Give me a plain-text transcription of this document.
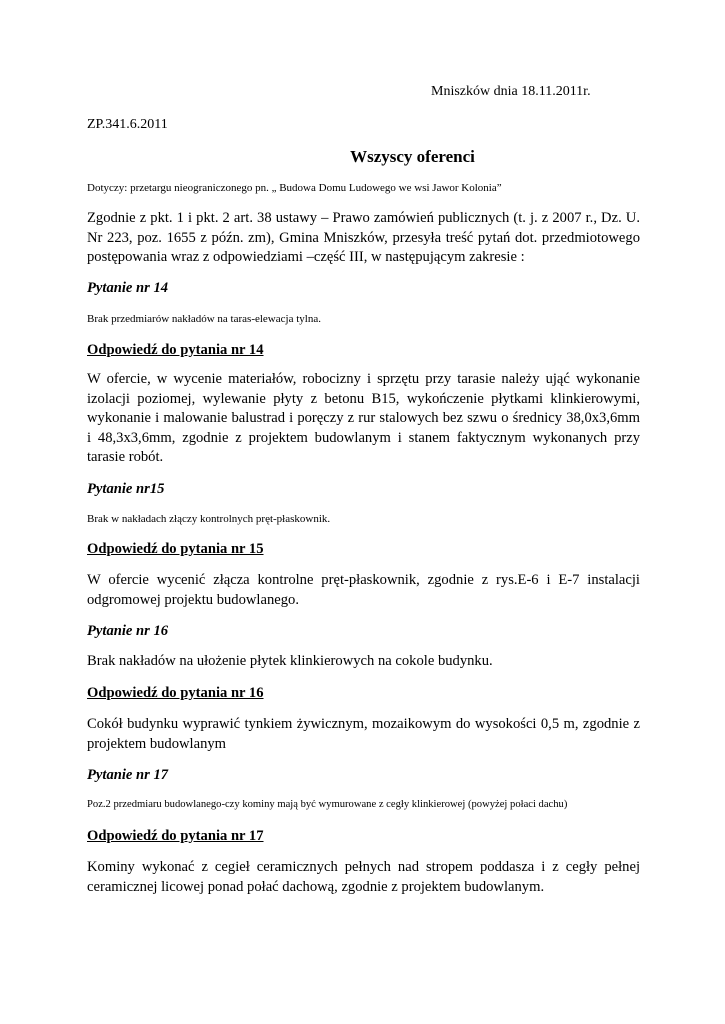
Mniszków dnia 18.11.2011r.

ZP.341.6.2011

Wszyscy oferenci

Dotyczy: przetargu nieograniczonego pn. „ Budowa Domu Ludowego we wsi Jawor Kolonia”

Zgodnie z pkt. 1 i pkt. 2 art. 38 ustawy – Prawo zamówień publicznych (t. j. z 2007 r., Dz. U. Nr 223, poz. 1655 z późn. zm), Gmina Mniszków, przesyła treść pytań dot. przedmiotowego postępowania wraz z odpowiedziami –część III, w następującym zakresie :

Pytanie nr 14

Brak przedmiarów nakładów na taras-elewacja tylna.

Odpowiedź do pytania nr 14

W ofercie, w wycenie materiałów, robocizny i sprzętu przy tarasie należy ująć wykonanie izolacji poziomej, wylewanie płyty z betonu B15, wykończenie płytkami klinkierowymi, wykonanie i malowanie balustrad i poręczy z rur stalowych bez szwu o średnicy 38,0x3,6mm i 48,3x3,6mm, zgodnie z projektem budowlanym i stanem faktycznym wykonanych przy tarasie robót.

Pytanie nr15

Brak w nakładach złączy kontrolnych pręt-płaskownik.

Odpowiedź do pytania nr 15

W ofercie wycenić złącza kontrolne pręt-płaskownik, zgodnie z rys.E-6 i E-7 instalacji odgromowej projektu budowlanego.

Pytanie nr 16

Brak nakładów na ułożenie płytek klinkierowych na cokole budynku.

Odpowiedź do pytania nr 16

Cokół budynku wyprawić tynkiem żywicznym, mozaikowym do wysokości 0,5 m, zgodnie z projektem budowlanym

Pytanie nr 17

Poz.2 przedmiaru budowlanego-czy kominy mają być wymurowane z cegły klinkierowej (powyżej połaci dachu)

Odpowiedź do pytania nr 17

Kominy wykonać z cegieł ceramicznych pełnych nad stropem poddasza i z cegły pełnej ceramicznej licowej ponad połać dachową, zgodnie z projektem budowlanym.
